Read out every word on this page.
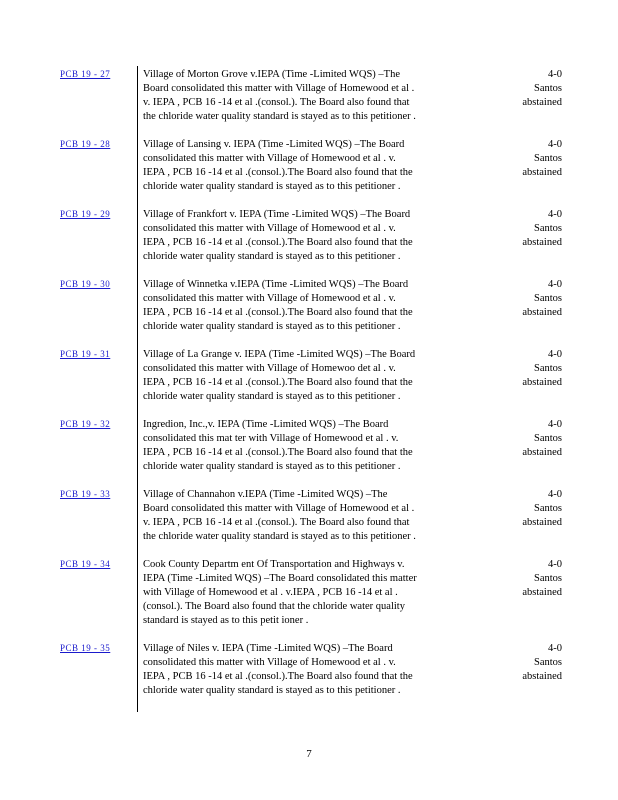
PCB 19 - 27	Village of Morton Grove v.IEPA (Time -Limited WQS) –The
Board consolidated this matter with Village of Homewood et al .
v. IEPA , PCB 16 -14 et al .(consol.). The Board also found that
the chloride water quality standard is stayed as to this petitioner .
4-0
Santos
abstained
PCB 19 - 28	Village of Lansing v. IEPA (Time -Limited WQS) –The Board
consolidated this matter with Village of Homewood et al . v.
IEPA , PCB 16 -14 et al .(consol.).The Board also found that the
chloride water quality standard is stayed as to this petitioner .
4-0
Santos
abstained
PCB 19 - 29	Village of Frankfort v. IEPA (Time -Limited WQS) –The Board
consolidated this matter with Village of Homewood et al . v.
IEPA , PCB 16 -14 et al .(consol.).The Board also found that the
chloride water quality standard is stayed as to this petitioner .
4-0
Santos
abstained
PCB 19 - 30	Village of Winnetka v.IEPA (Time -Limited WQS) –The Board
consolidated this matter with Village of Homewood et al . v.
IEPA , PCB 16 -14 et al .(consol.).The Board also found that the
chloride water quality standard is stayed as to this petitioner .
4-0
Santos
abstained
PCB 19 - 31	Village of La Grange v. IEPA (Time -Limited WQS) –The Board
consolidated this matter with Village of Homewoo det al . v.
IEPA , PCB 16 -14 et al .(consol.).The Board also found that the
chloride water quality standard is stayed as to this petitioner .
4-0
Santos
abstained
PCB 19 - 32	Ingredion, Inc.,v. IEPA (Time -Limited WQS) –The Board
consolidated this mat ter with Village of Homewood et al . v.
IEPA , PCB 16 -14 et al .(consol.).The Board also found that the
chloride water quality standard is stayed as to this petitioner .
4-0
Santos
abstained
PCB 19 - 33	Village of Channahon v.IEPA (Time -Limited WQS) –The
Board consolidated this matter with Village of Homewood et al .
v. IEPA , PCB 16 -14 et al .(consol.). The Board also found that
the chloride water quality standard is stayed as to this petitioner .
4-0
Santos
abstained
PCB 19 - 34	Cook County Departm ent Of Transportation and Highways v.
IEPA (Time -Limited WQS) –The Board consolidated this matter
with Village of Homewood et al . v.IEPA , PCB 16 -14 et al .
(consol.). The Board also found that the chloride water quality
standard is stayed as to this petit ioner .
4-0
Santos
abstained
PCB 19 - 35	Village of Niles v. IEPA (Time -Limited WQS) –The Board
consolidated this matter with Village of Homewood et al . v.
IEPA , PCB 16 -14 et al .(consol.).The Board also found that the
chloride water quality standard is stayed as to this petitioner .
4-0
Santos
abstained
7
